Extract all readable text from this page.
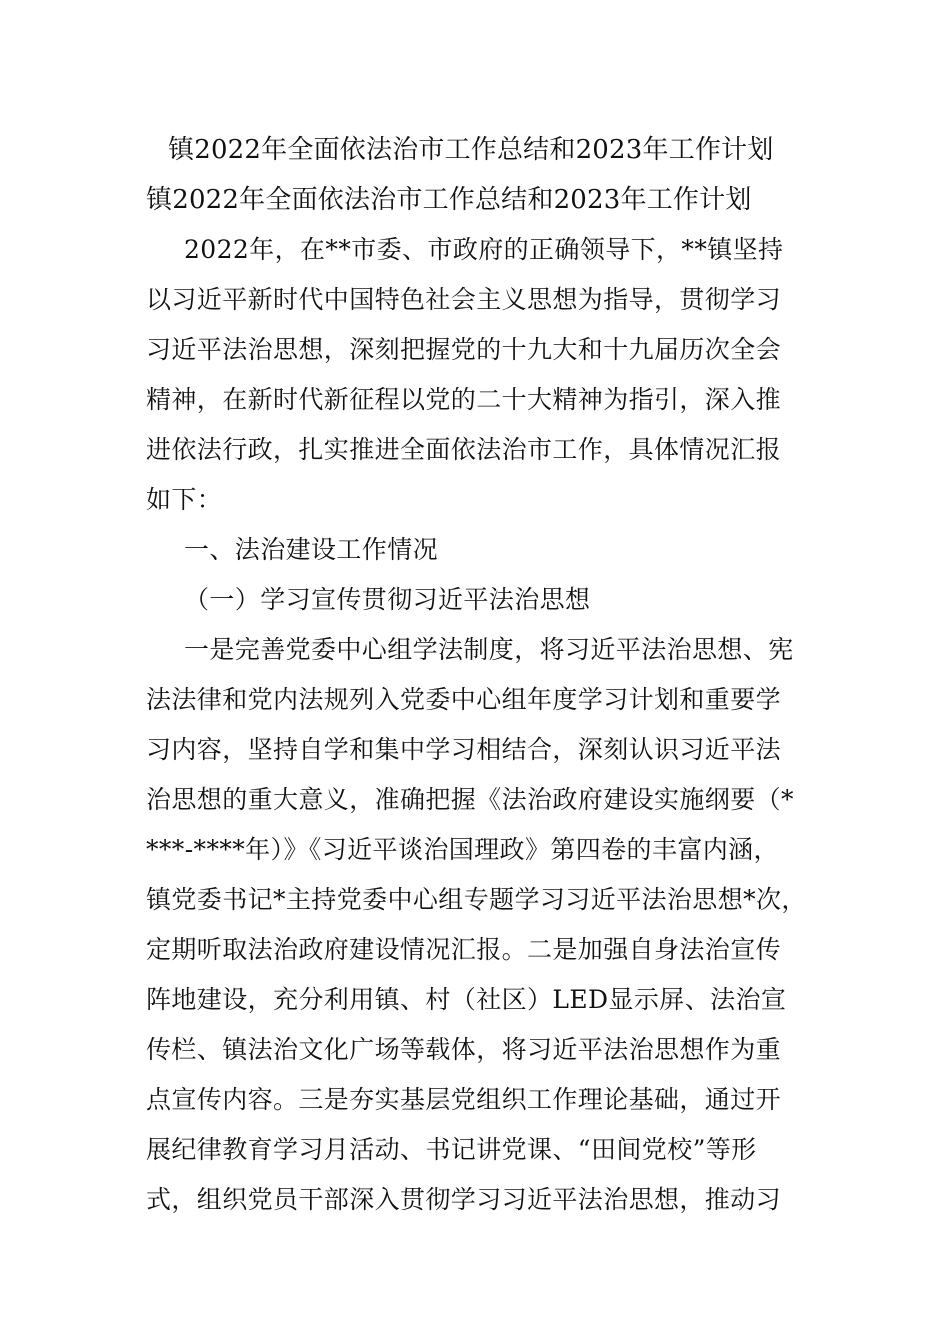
镇2022年全面依法治市工作总结和2023年工作计划
镇2022年全面依法治市工作总结和2023年工作计划
2022年，在**市委、市政府的正确领导下，**镇坚持
以习近平新时代中国特色社会主义思想为指导，贯彻学习
习近平法治思想，深刻把握党的十九大和十九届历次全会
精神，在新时代新征程以党的二十大精神为指引，深入推
进依法行政，扎实推进全面依法治市工作，具体情况汇报
如下：
一、法治建设工作情况
（一）学习宣传贯彻习近平法治思想
一是完善党委中心组学法制度，将习近平法治思想、宪
法法律和党内法规列入党委中心组年度学习计划和重要学
习内容，坚持自学和集中学习相结合，深刻认识习近平法
治思想的重大意义，准确把握《法治政府建设实施纲要（*
***-****年）》《习近平谈治国理政》第四卷的丰富内涵，
镇党委书记*主持党委中心组专题学习习近平法治思想*次，
定期听取法治政府建设情况汇报。二是加强自身法治宣传
阵地建设，充分利用镇、村（社区）LED显示屏、法治宣
传栏、镇法治文化广场等载体，将习近平法治思想作为重
点宣传内容。三是夯实基层党组织工作理论基础，通过开
展纪律教育学习月活动、书记讲党课、“田间党校”等形
式，组织党员干部深入贯彻学习习近平法治思想，推动习
